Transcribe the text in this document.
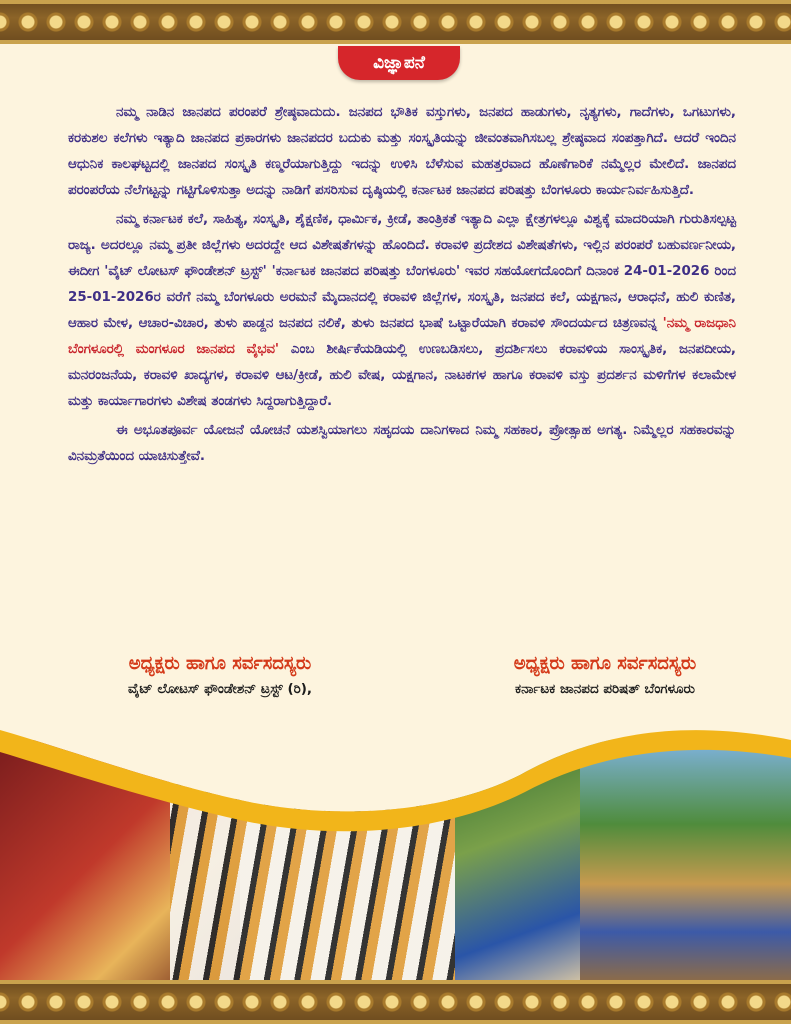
ವಿಜ್ಞಾಪನೆ

ನಮ್ಮ ನಾಡಿನ ಜಾನಪದ ಪರಂಪರೆ ಶ್ರೇಷ್ಠವಾದುದು. ಜನಪದ ಭೌತಿಕ ವಸ್ತುಗಳು, ಜನಪದ ಹಾಡುಗಳು, ನೃತ್ಯಗಳು, ಗಾದೆಗಳು, ಒಗಟುಗಳು, ಕರಕುಶಲ ಕಲೆಗಳು ಇತ್ಯಾದಿ ಜಾನಪದ ಪ್ರಕಾರಗಳು ಜಾನಪದರ ಬದುಕು ಮತ್ತು ಸಂಸ್ಕೃತಿಯನ್ನು ಜೀವಂತವಾಗಿಸಬಲ್ಲ ಶ್ರೇಷ್ಠವಾದ ಸಂಪತ್ತಾಗಿದೆ. ಆದರೆ ಇಂದಿನ ಆಧುನಿಕ ಕಾಲಘಟ್ಟದಲ್ಲಿ ಜಾನಪದ ಸಂಸ್ಕೃತಿ ಕಣ್ಮರೆಯಾಗುತ್ತಿದ್ದು ಇದನ್ನು ಉಳಿಸಿ ಬೆಳೆಸುವ ಮಹತ್ತರವಾದ ಹೊಣೆಗಾರಿಕೆ ನಮ್ಮೆಲ್ಲರ ಮೇಲಿದೆ. ಜಾನಪದ ಪರಂಪರೆಯ ನೆಲೆಗಟ್ಟನ್ನು ಗಟ್ಟಿಗೊಳಿಸುತ್ತಾ ಅದನ್ನು ನಾಡಿಗೆ ಪಸರಿಸುವ ದೃಷ್ಠಿಯಲ್ಲಿ ಕರ್ನಾಟಕ ಜಾನಪದ ಪರಿಷತ್ತು ಬೆಂಗಳೂರು ಕಾರ್ಯನಿರ್ವಹಿಸುತ್ತಿದೆ.

ನಮ್ಮ ಕರ್ನಾಟಕ ಕಲೆ, ಸಾಹಿತ್ಯ, ಸಂಸ್ಕೃತಿ, ಶೈಕ್ಷಣಿಕ, ಧಾರ್ಮಿಕ, ಕ್ರೀಡೆ, ತಾಂತ್ರಿಕತೆ ಇತ್ಯಾದಿ ಎಲ್ಲಾ ಕ್ಷೇತ್ರಗಳಲ್ಲೂ ವಿಶ್ವಕ್ಕೆ ಮಾದರಿಯಾಗಿ ಗುರುತಿಸಲ್ಪಟ್ಟ ರಾಜ್ಯ. ಅದರಲ್ಲೂ ನಮ್ಮ ಪ್ರತೀ ಜಿಲ್ಲೆಗಳು ಅದರದ್ದೇ ಆದ ವಿಶೇಷತೆಗಳನ್ನು ಹೊಂದಿದೆ. ಕರಾವಳಿ ಪ್ರದೇಶದ ವಿಶೇಷತೆಗಳು, ಇಲ್ಲಿನ ಪರಂಪರೆ ಬಹುವರ್ಣನೀಯ, ಈದೀಗ 'ವೈಟ್ ಲೋಟಸ್ ಫೌಂಡೇಶನ್ ಟ್ರಸ್ಟ್' 'ಕರ್ನಾಟಕ ಜಾನಪದ ಪರಿಷತ್ತು ಬೆಂಗಳೂರು' ಇವರ ಸಹಯೋಗದೊಂದಿಗೆ ದಿನಾಂಕ 24-01-2026 ರಿಂದ 25-01-2026ರ ವರೆಗೆ ನಮ್ಮ ಬೆಂಗಳೂರು ಅರಮನೆ ಮೈದಾನದಲ್ಲಿ ಕರಾವಳಿ ಜಿಲ್ಲೆಗಳ, ಸಂಸ್ಕೃತಿ, ಜನಪದ ಕಲೆ, ಯಕ್ಷಗಾನ, ಆರಾಧನೆ, ಹುಲಿ ಕುಣಿತ, ಆಹಾರ ಮೇಳ, ಆಚಾರ-ವಿಚಾರ, ತುಳು ಪಾಡ್ದನ ಜನಪದ ನಲಿಕೆ, ತುಳು ಜನಪದ ಭಾಷೆ ಒಟ್ಟಾರೆಯಾಗಿ ಕರಾವಳಿ ಸೌಂದರ್ಯದ ಚಿತ್ರಣವನ್ನ 'ನಮ್ಮ ರಾಜಧಾನಿ ಬೆಂಗಳೂರಲ್ಲಿ ಮಂಗಳೂರ ಜಾನಪದ ವೈಭವ' ಎಂಬ ಶೀರ್ಷಿಕೆಯಡಿಯಲ್ಲಿ ಉಣಬಡಿಸಲು, ಪ್ರದರ್ಶಿಸಲು ಕರಾವಳಿಯ ಸಾಂಸ್ಕೃತಿಕ, ಜನಪದೀಯ, ಮನರಂಜನೆಯ, ಕರಾವಳಿ ಖಾದ್ಯಗಳ, ಕರಾವಳಿ ಆಟ/ಕ್ರೀಡೆ, ಹುಲಿ ವೇಷ, ಯಕ್ಷಗಾನ, ನಾಟಕಗಳ ಹಾಗೂ ಕರಾವಳಿ ವಸ್ತು ಪ್ರದರ್ಶನ ಮಳಿಗೆಗಳ ಕಲಾಮೇಳ ಮತ್ತು ಕಾರ್ಯಾಗಾರಗಳು ವಿಶೇಷ ತಂಡಗಳು ಸಿದ್ದರಾಗುತ್ತಿದ್ದಾರೆ.

ಈ ಅಭೂತಪೂರ್ವ ಯೋಜನೆ ಯೋಚನೆ ಯಶಸ್ವಿಯಾಗಲು ಸಹೃದಯ ದಾನಿಗಳಾದ ನಿಮ್ಮ ಸಹಕಾರ, ಪ್ರೋತ್ಸಾಹ ಅಗತ್ಯ. ನಿಮ್ಮೆಲ್ಲರ ಸಹಕಾರವನ್ನು ವಿನಮ್ರತೆಯಿಂದ ಯಾಚಿಸುತ್ತೇವೆ.

ಅಧ್ಯಕ್ಷರು ಹಾಗೂ ಸರ್ವಸದಸ್ಯರು
ವೈಟ್ ಲೋಟಸ್ ಫೌಂಡೇಶನ್ ಟ್ರಸ್ಟ್ (ರಿ),
ಅಧ್ಯಕ್ಷರು ಹಾಗೂ ಸರ್ವಸದಸ್ಯರು
ಕರ್ನಾಟಕ ಜಾನಪದ ಪರಿಷತ್ ಬೆಂಗಳೂರು
